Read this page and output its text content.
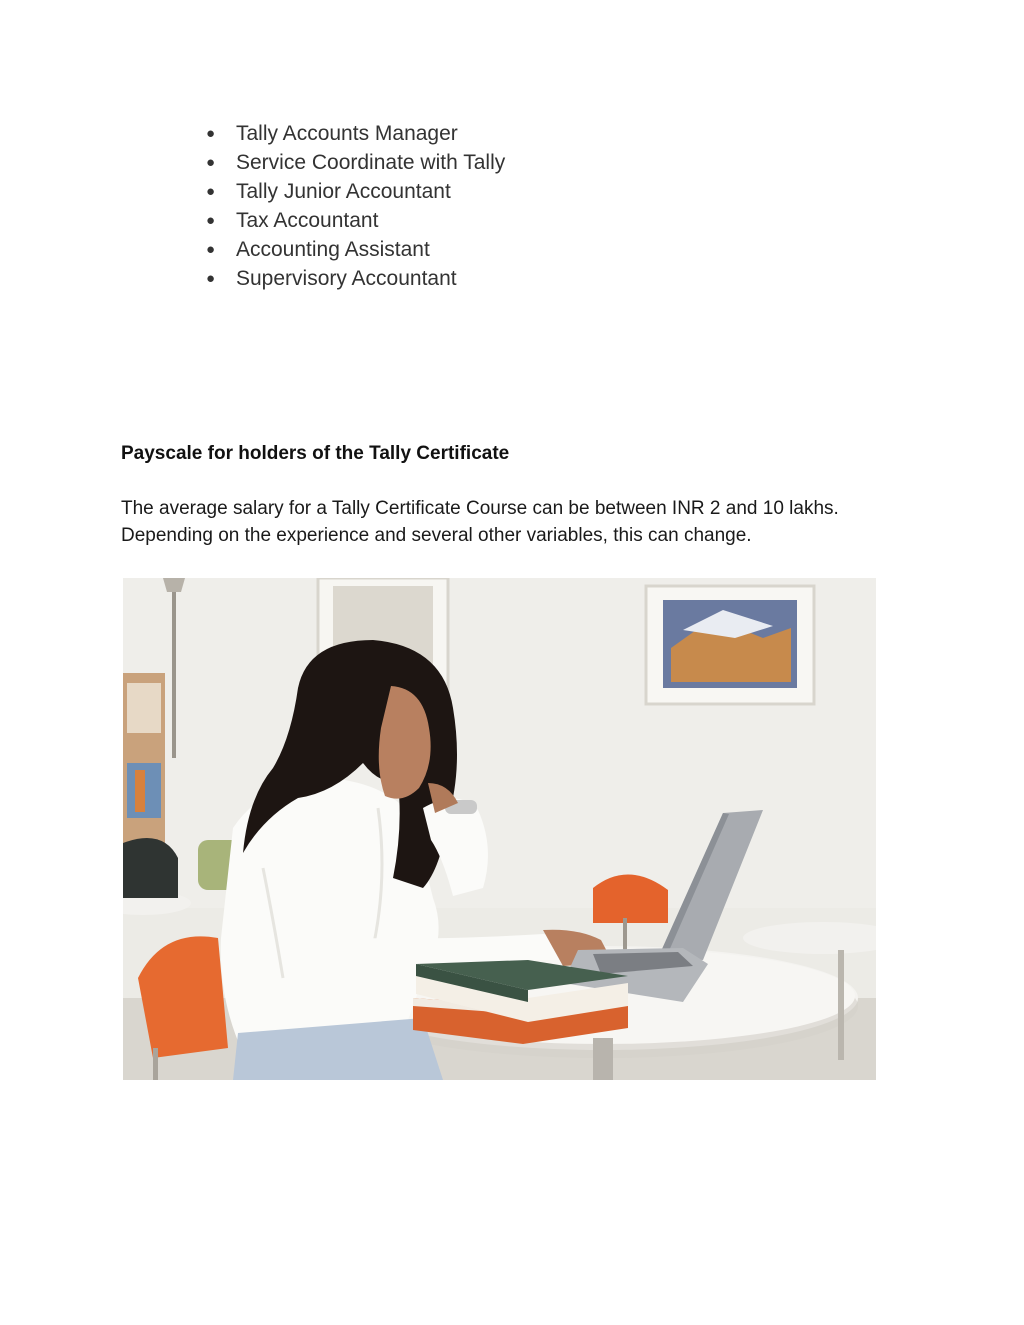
● Tally Accounts Manager
● Service Coordinate with Tally
● Tally Junior Accountant
● Tax Accountant
● Accounting Assistant
● Supervisory Accountant
Payscale for holders of the Tally Certificate

The average salary for a Tally Certificate Course can be between INR 2 and 10 lakhs.
Depending on the experience and several other variables, this can change.
